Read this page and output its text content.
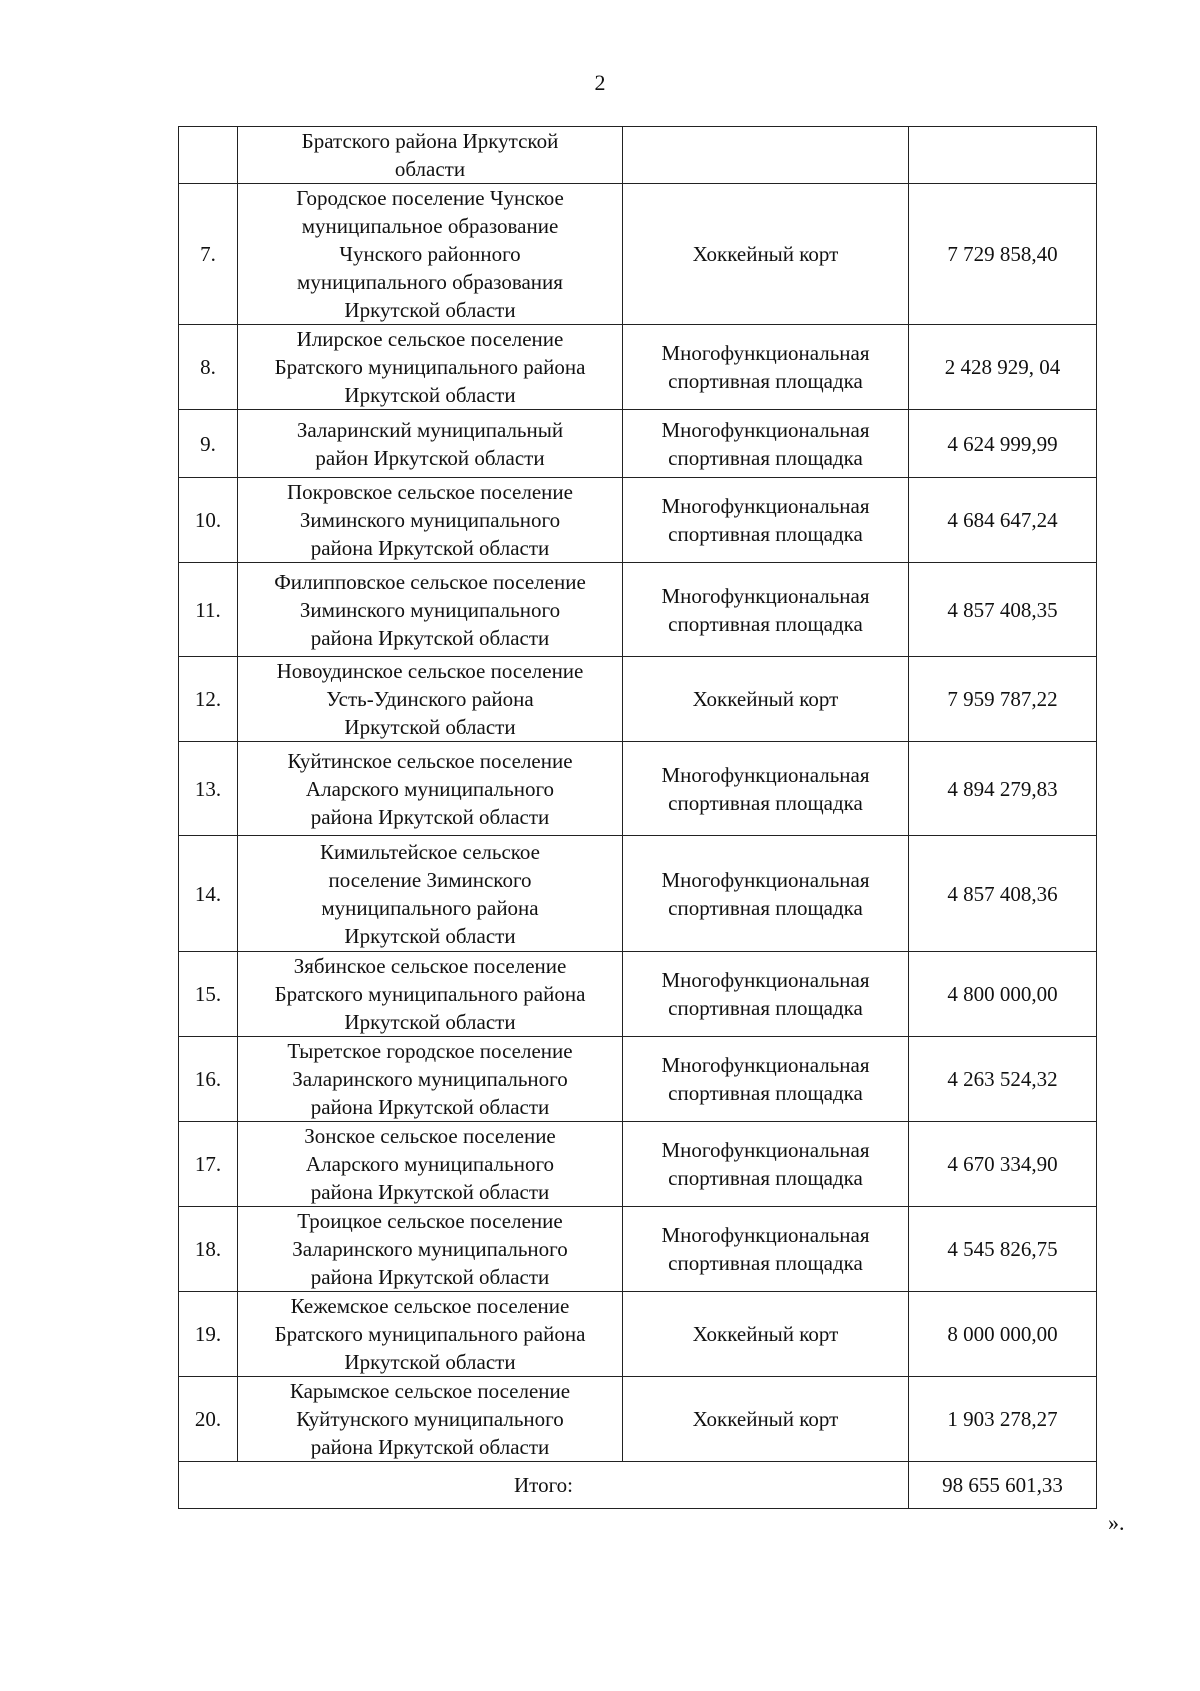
2

	Братского района Иркутской
области		

7.	Городское поселение Чунское
муниципальное образование
Чунского районного
муниципального образования
Иркутской области	Хоккейный корт	7 729 858,40
8.	Илирское сельское поселение
Братского муниципального района
Иркутской области	Многофункциональная
спортивная площадка	2 428 929, 04
9.	Заларинский муниципальный
район Иркутской области	Многофункциональная
спортивная площадка	4 624 999,99
10.	Покровское сельское поселение
Зиминского муниципального
района Иркутской области	Многофункциональная
спортивная площадка	4 684 647,24
11.	Филипповское сельское поселение
Зиминского муниципального
района Иркутской области	Многофункциональная
спортивная площадка	4 857 408,35
12.	Новоудинское сельское поселение
Усть-Удинского района
Иркутской области	Хоккейный корт	7 959 787,22
13.	Куйтинское сельское поселение
Аларского муниципального
района Иркутской области	Многофункциональная
спортивная площадка	4 894 279,83
14.	Кимильтейское сельское
поселение Зиминского
муниципального района
Иркутской области	Многофункциональная
спортивная площадка	4 857 408,36
15.	Зябинское сельское поселение
Братского муниципального района
Иркутской области	Многофункциональная
спортивная площадка	4 800 000,00
16.	Тыретское городское поселение
Заларинского муниципального
района Иркутской области	Многофункциональная
спортивная площадка	4 263 524,32
17.	Зонское сельское поселение
Аларского муниципального
района Иркутской области	Многофункциональная
спортивная площадка	4 670 334,90
18.	Троицкое сельское поселение
Заларинского муниципального
района Иркутской области	Многофункциональная
спортивная площадка	4 545 826,75
19.	Кежемское сельское поселение
Братского муниципального района
Иркутской области	Хоккейный корт	8 000 000,00
20.	Карымское сельское поселение
Куйтунского муниципального
района Иркутской области	Хоккейный корт	1 903 278,27
Итого:			98 655 601,33
».
